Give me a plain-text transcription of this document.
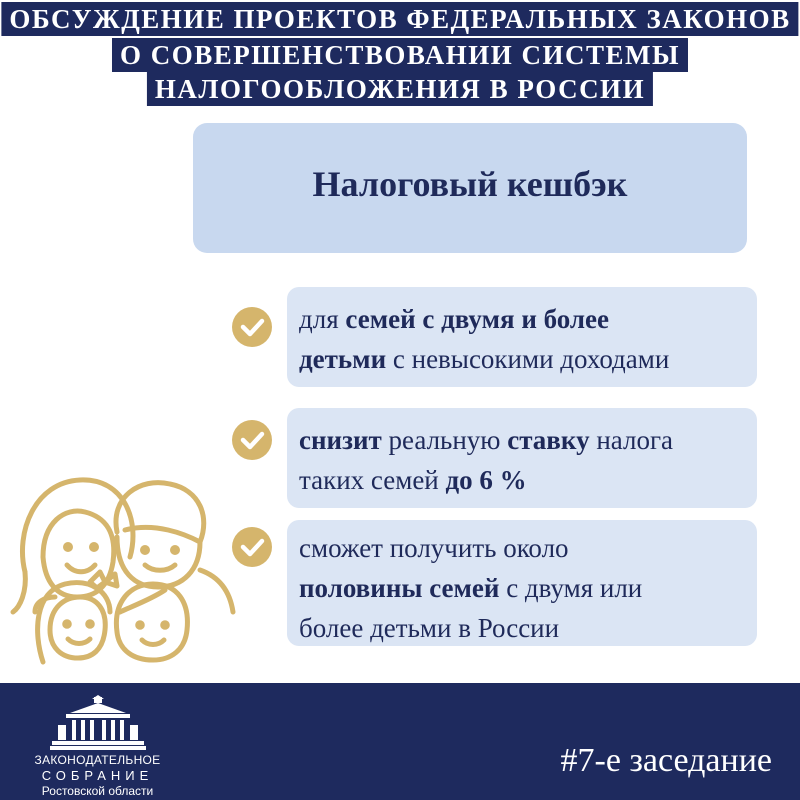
ОБСУЖДЕНИЕ ПРОЕКТОВ ФЕДЕРАЛЬНЫХ ЗАКОНОВ
О СОВЕРШЕНСТВОВАНИИ СИСТЕМЫ
НАЛОГООБЛОЖЕНИЯ В РОССИИ
Налоговый кешбэк
для семей с двумя и более
детьми с невысокими доходами
снизит реальную ставку налога
таких семей до 6 %
сможет получить около
половины семей с двумя или
более детьми в России
ЗАКОНОДАТЕЛЬНОЕ
СОБРАНИЕ
Ростовской области
#7-е заседание
